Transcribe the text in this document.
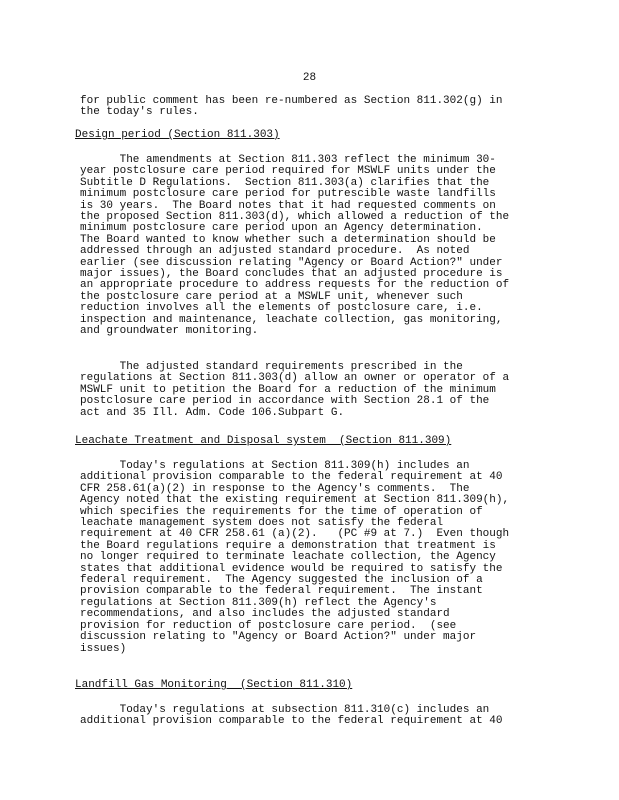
28
for public comment has been re-numbered as Section 811.302(g) in
the today's rules.
Design period (Section 811.303)
The amendments at Section 811.303 reflect the minimum 30-
year postclosure care period required for MSWLF units under the
Subtitle D Regulations.  Section 811.303(a) clarifies that the
minimum postclosure care period for putrescible waste landfills
is 30 years.  The Board notes that it had requested comments on
the proposed Section 811.303(d), which allowed a reduction of the
minimum postclosure care period upon an Agency determination.
The Board wanted to know whether such a determination should be
addressed through an adjusted standard procedure.  As noted
earlier (see discussion relating "Agency or Board Action?" under
major issues), the Board concludes that an adjusted procedure is
an appropriate procedure to address requests for the reduction of
the postclosure care period at a MSWLF unit, whenever such
reduction involves all the elements of postclosure care, i.e.
inspection and maintenance, leachate collection, gas monitoring,
and groundwater monitoring.
The adjusted standard requirements prescribed in the
regulations at Section 811.303(d) allow an owner or operator of a
MSWLF unit to petition the Board for a reduction of the minimum
postclosure care period in accordance with Section 28.1 of the
act and 35 Ill. Adm. Code 106.Subpart G.
Leachate Treatment and Disposal system  (Section 811.309)
Today's regulations at Section 811.309(h) includes an
additional provision comparable to the federal requirement at 40
CFR 258.61(a)(2) in response to the Agency's comments.  The
Agency noted that the existing requirement at Section 811.309(h),
which specifies the requirements for the time of operation of
leachate management system does not satisfy the federal
requirement at 40 CFR 258.61 (a)(2).   (PC #9 at 7.)  Even though
the Board regulations require a demonstration that treatment is
no longer required to terminate leachate collection, the Agency
states that additional evidence would be required to satisfy the
federal requirement.  The Agency suggested the inclusion of a
provision comparable to the federal requirement.  The instant
regulations at Section 811.309(h) reflect the Agency's
recommendations, and also includes the adjusted standard
provision for reduction of postclosure care period.  (see
discussion relating to "Agency or Board Action?" under major
issues)
Landfill Gas Monitoring  (Section 811.310)
Today's regulations at subsection 811.310(c) includes an
additional provision comparable to the federal requirement at 40
